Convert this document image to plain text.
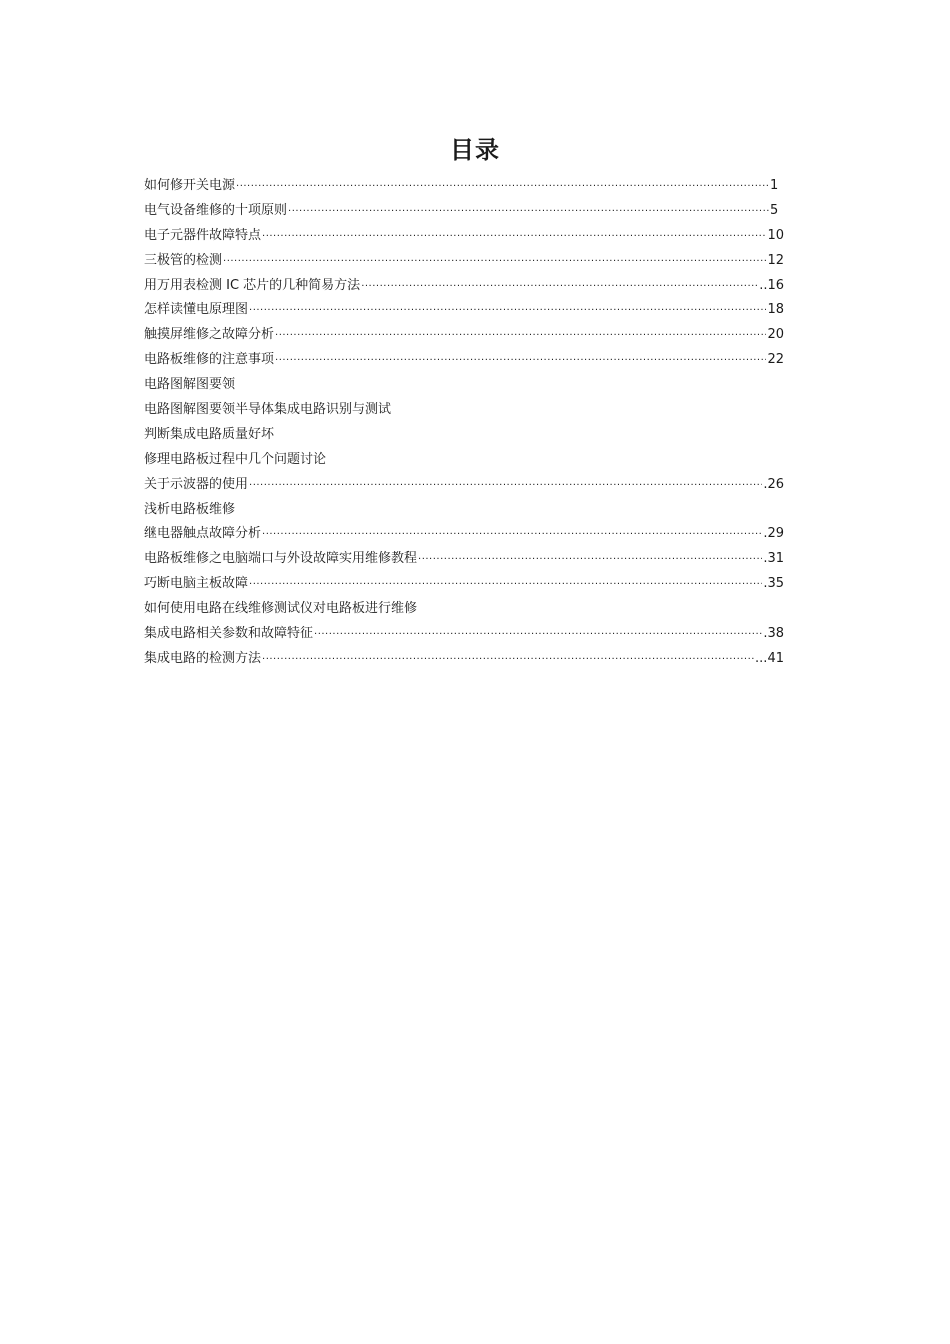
目录
如何修开关电源 ·····	1
电气设备维修的十项原则 ·····	5
电子元器件故障特点 ·····	10
三极管的检测 ·····	12
用万用表检测 IC 芯片的几种简易方法 ·····	..16
怎样读懂电原理图 ·····	18
触摸屏维修之故障分析 ·····	20
电路板维修的注意事项 ·····	22
电路图解图要领
电路图解图要领半导体集成电路识别与测试
判断集成电路质量好坏
修理电路板过程中几个问题讨论
关于示波器的使用 ·····	.26
浅析电路板维修
继电器触点故障分析 ·····	.29
电路板维修之电脑端口与外设故障实用维修教程 ·····	.31
巧断电脑主板故障 ·····	.35
如何使用电路在线维修测试仪对电路板进行维修
集成电路相关参数和故障特征 ·····	.38
集成电路的检测方法 ·····	...41
